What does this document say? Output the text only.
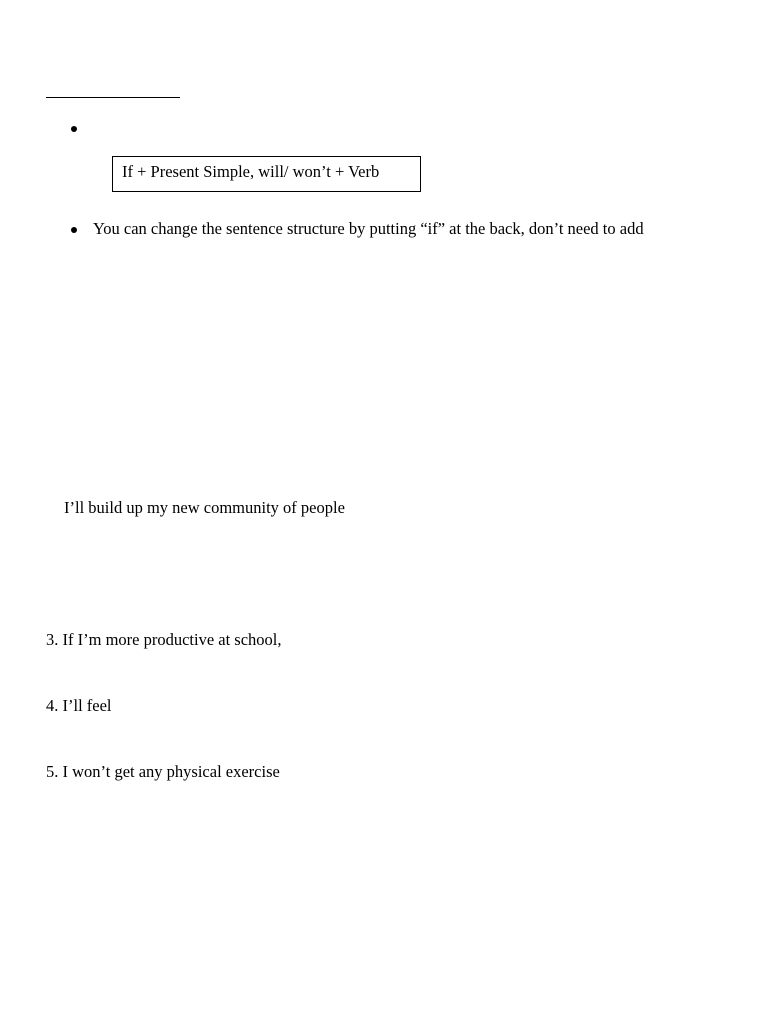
If + Present Simple, will/ won’t + Verb
You can change the sentence structure by putting “if” at the back, don’t need to add
I’ll build up my new community of people
3. If I’m more productive at school,
4. I’ll feel
5. I won’t get any physical exercise
